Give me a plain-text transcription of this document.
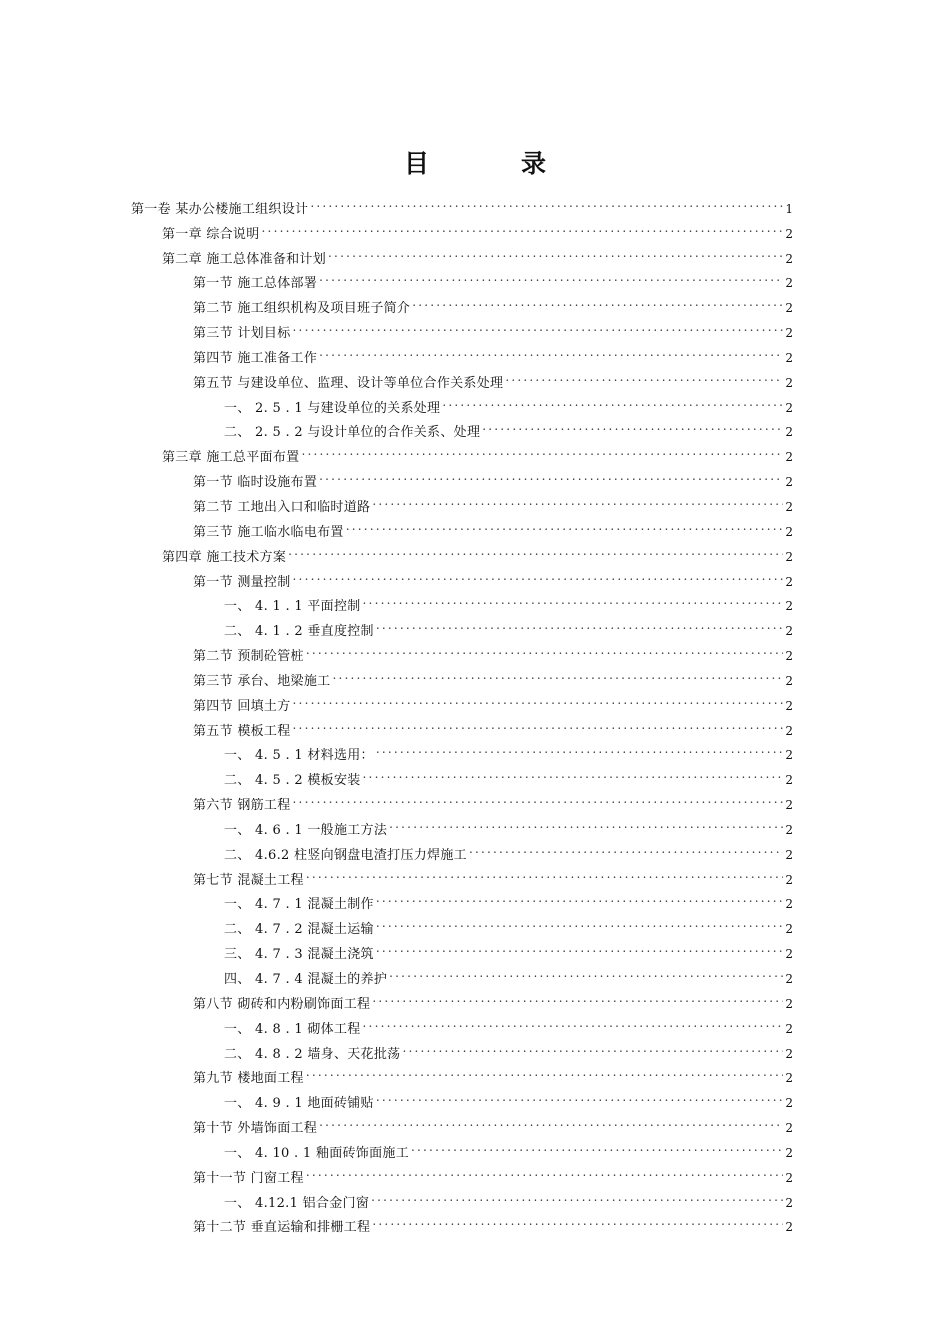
目	录
第一卷 某办公楼施工组织设计 .....	1
第一章 综合说明 .....	2
第二章 施工总体准备和计划 .....	2
第一节 施工总体部署 .....	2
第二节 施工组织机构及项目班子简介 .....	2
第三节 计划目标 .....	2
第四节 施工准备工作 .....	2
第五节 与建设单位、监理、设计等单位合作关系处理 .....	2
一、 2. 5 . 1 与建设单位的关系处理 .....	2
二、 2. 5 . 2 与设计单位的合作关系、处理 .....	2
第三章 施工总平面布置 .....	2
第一节 临时设施布置 .....	2
第二节 工地出入口和临时道路 .....	2
第三节 施工临水临电布置 .....	2
第四章 施工技术方案 .....	2
第一节 测量控制 .....	2
一、 4. 1 . 1 平面控制 .....	2
二、 4. 1 . 2 垂直度控制 .....	2
第二节 预制砼管桩 .....	2
第三节 承台、地梁施工 .....	2
第四节 回填土方 .....	2
第五节 模板工程 .....	2
一、 4. 5 . 1 材料选用： .....	2
二、 4. 5 . 2 模板安装 .....	2
第六节 钢筋工程 .....	2
一、 4. 6 . 1 一般施工方法 .....	2
二、 4.6.2 柱竖向钢盘电渣打压力焊施工 .....	2
第七节 混凝土工程 .....	2
一、 4. 7 . 1 混凝土制作 .....	2
二、 4. 7 . 2 混凝土运输 .....	2
三、 4. 7 . 3 混凝土浇筑 .....	2
四、 4. 7 . 4 混凝土的养护 .....	2
第八节 砌砖和内粉刷饰面工程 .....	2
一、 4. 8 . 1 砌体工程 .....	2
二、 4. 8 . 2 墙身、天花批荡 .....	2
第九节 楼地面工程 .....	2
一、 4. 9 . 1 地面砖铺贴 .....	2
第十节 外墙饰面工程 .....	2
一、 4. 10 . 1 釉面砖饰面施工 .....	2
第十一节 门窗工程 .....	2
一、 4.12.1 铝合金门窗 .....	2
第十二节 垂直运输和排栅工程 .....	2
